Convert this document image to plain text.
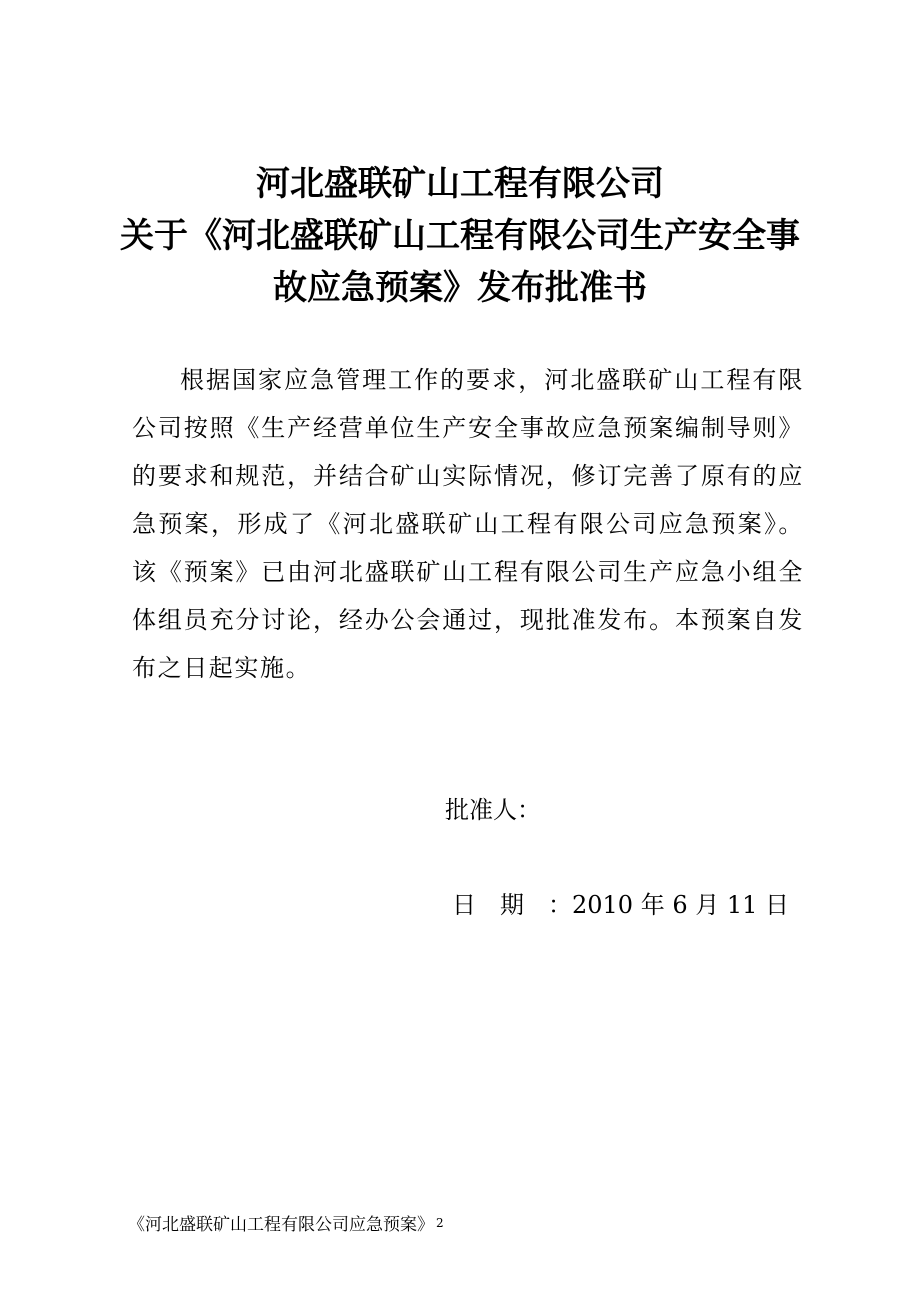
河北盛联矿山工程有限公司
关于《河北盛联矿山工程有限公司生产安全事
故应急预案》发布批准书

根据国家应急管理工作的要求，河北盛联矿山工程有限公司按照《生产经营单位生产安全事故应急预案编制导则》的要求和规范，并结合矿山实际情况，修订完善了原有的应急预案，形成了《河北盛联矿山工程有限公司应急预案》。该《预案》已由河北盛联矿山工程有限公司生产应急小组全体组员充分讨论，经办公会通过，现批准发布。本预案自发布之日起实施。

批准人：
日期：2010 年 6 月 11 日
《河北盛联矿山工程有限公司应急预案》 $^2$
